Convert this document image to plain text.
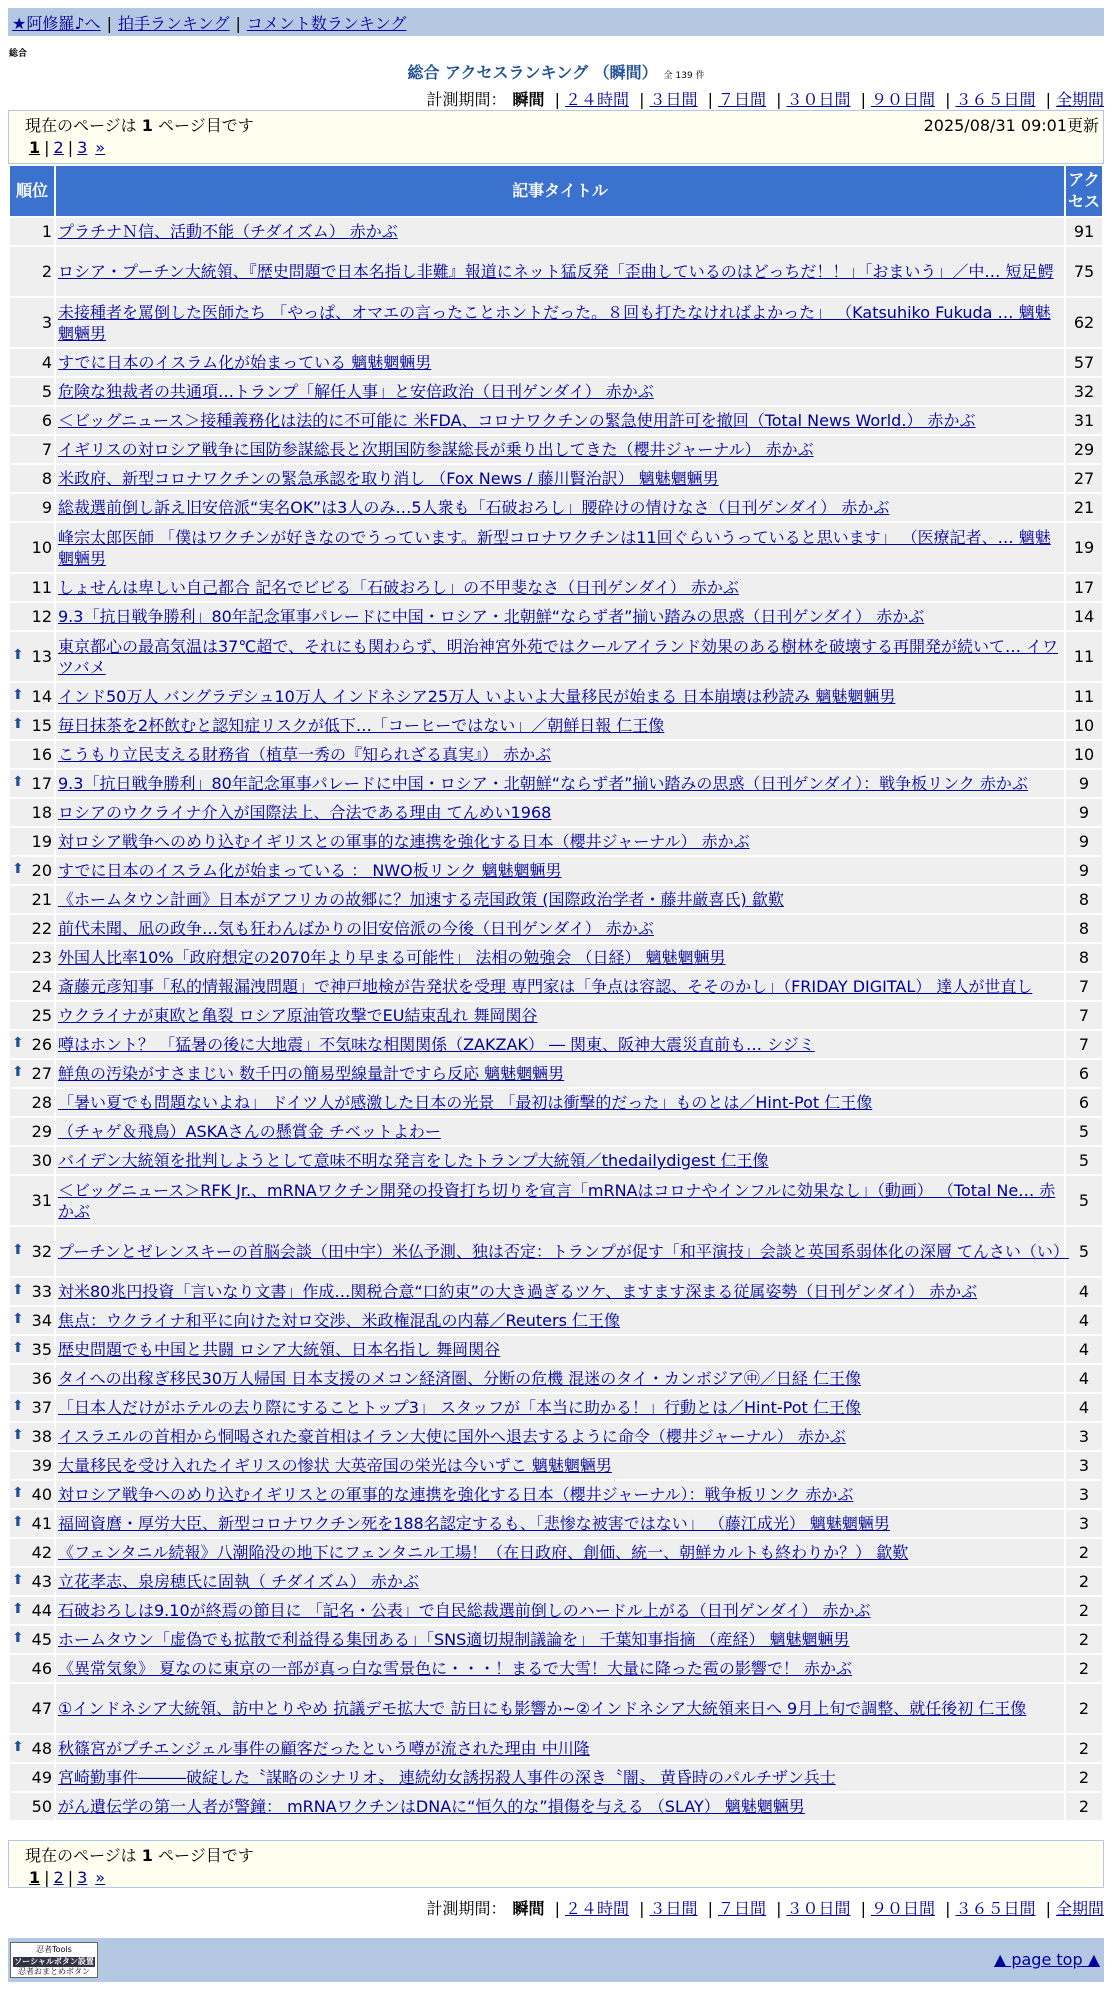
★阿修羅♪へ | 拍手ランキング | コメント数ランキング
総合
総合 アクセスランキング （瞬間） 全 139 件
計測期間： 瞬間 | ２４時間 | ３日間 | ７日間 | ３０日間 | ９０日間 | ３６５日間 | 全期間
現在のページは 1 ページ目です	2025/08/31 09:01更新
1 | 2 | 3 »
順位	記事タイトル	アクセス
1	プラチナＮ信、活動不能（チダイズム） 赤かぶ	91
2	ロシア・プーチン大統領、『歴史問題で日本名指し非難』報道にネット猛反発「歪曲しているのはどっちだ！！」「おまいう」／中… 短足鰐	75
3	未接種者を罵倒した医師たち 「やっぱ、オマエの言ったことホントだった。８回も打たなければよかった」 （Katsuhiko Fukuda … 魑魅魍魎男	62
4	すでに日本のイスラム化が始まっている 魑魅魍魎男	57
5	危険な独裁者の共通項…トランプ「解任人事」と安倍政治（日刊ゲンダイ） 赤かぶ	32
6	＜ビッグニュース＞接種義務化は法的に不可能に 米FDA、コロナワクチンの緊急使用許可を撤回（Total News World.） 赤かぶ	31
7	イギリスの対ロシア戦争に国防参謀総長と次期国防参謀総長が乗り出してきた（櫻井ジャーナル） 赤かぶ	29
8	米政府、新型コロナワクチンの緊急承認を取り消し （Fox News / 藤川賢治訳） 魑魅魍魎男	27
9	総裁選前倒し訴え旧安倍派“実名OK”は3人のみ…5人衆も「石破おろし」腰砕けの情けなさ（日刊ゲンダイ） 赤かぶ	21
10	峰宗太郎医師 「僕はワクチンが好きなのでうっています。新型コロナワクチンは11回ぐらいうっていると思います」 （医療記者、… 魑魅魍魎男	19
11	しょせんは卑しい自己都合 記名でビビる「石破おろし」の不甲斐なさ（日刊ゲンダイ） 赤かぶ	17
12	9.3「抗日戦争勝利」80年記念軍事パレードに中国・ロシア・北朝鮮“ならず者”揃い踏みの思惑（日刊ゲンダイ） 赤かぶ	14

⬆ 13	東京都心の最高気温は37℃超で、それにも関わらず、明治神宮外苑ではクールアイランド効果のある樹林を破壊する再開発が続いて… イワツバメ	11

⬆ 14	インド50万人 バングラデシュ10万人 インドネシア25万人 いよいよ大量移民が始まる 日本崩壊は秒読み 魑魅魍魎男	11

⬆ 15	毎日抹茶を2杯飲むと認知症リスクが低下…「コーヒーではない」／朝鮮日報 仁王像	10
16	こうもり立民支える財務省（植草一秀の『知られざる真実』） 赤かぶ	10

⬆ 17	9.3「抗日戦争勝利」80年記念軍事パレードに中国・ロシア・北朝鮮“ならず者”揃い踏みの思惑（日刊ゲンダイ）：戦争板リンク 赤かぶ	9
18	ロシアのウクライナ介入が国際法上、合法である理由 てんめい1968	9
19	対ロシア戦争へのめり込むイギリスとの軍事的な連携を強化する日本（櫻井ジャーナル） 赤かぶ	9

⬆ 20	すでに日本のイスラム化が始まっている ： NWO板リンク 魑魅魍魎男	9
21	《ホームタウン計画》日本がアフリカの故郷に？加速する売国政策 (国際政治学者・藤井厳喜氏) 歙歎	8
22	前代未聞、凪の政争…気も狂わんばかりの旧安倍派の今後（日刊ゲンダイ） 赤かぶ	8
23	外国人比率10%「政府想定の2070年より早まる可能性」 法相の勉強会 （日経） 魑魅魍魎男	8
24	斎藤元彦知事「私的情報漏洩問題」で神戸地検が告発状を受理 専門家は「争点は容認、そそのかし」（FRIDAY DIGITAL） 達人が世直し	7
25	ウクライナが東欧と亀裂 ロシア原油管攻撃でEU結束乱れ 舞岡関谷	7

⬆ 26	噂はホント？ 「猛暑の後に大地震」不気味な相関関係（ZAKZAK） ― 関東、阪神大震災直前も… シジミ	7

⬆ 27	鮮魚の汚染がすさまじい 数千円の簡易型線量計ですら反応 魑魅魍魎男	6
28	「暑い夏でも問題ないよね」 ドイツ人が感激した日本の光景 「最初は衝撃的だった」ものとは／Hint-Pot 仁王像	6
29	（チャゲ＆飛鳥）ASKAさんの懸賞金 チベットよわー	5
30	バイデン大統領を批判しようとして意味不明な発言をしたトランプ大統領／thedailydigest 仁王像	5
31	＜ビッグニュース＞RFK Jr.、mRNAワクチン開発の投資打ち切りを宣言「mRNAはコロナやインフルに効果なし」（動画） （Total Ne… 赤かぶ	5

⬆ 32	プーチンとゼレンスキーの首脳会談（田中宇）米仏予測、独は否定：トランプが促す「和平演技」会談と英国系弱体化の深層 てんさい（い）	5

⬆ 33	対米80兆円投資「言いなり文書」作成…関税合意“口約束”の大き過ぎるツケ、ますます深まる従属姿勢（日刊ゲンダイ） 赤かぶ	4

⬆ 34	焦点：ウクライナ和平に向けた対ロ交渉、米政権混乱の内幕／Reuters 仁王像	4

⬆ 35	歴史問題でも中国と共闘 ロシア大統領、日本名指し 舞岡関谷	4
36	タイへの出稼ぎ移民30万人帰国 日本支援のメコン経済圏、分断の危機 混迷のタイ・カンボジア㊥／日経 仁王像	4

⬆ 37	「日本人だけがホテルの去り際にすることトップ3」 スタッフが「本当に助かる！」行動とは／Hint-Pot 仁王像	4

⬆ 38	イスラエルの首相から恫喝された豪首相はイラン大使に国外へ退去するように命令（櫻井ジャーナル） 赤かぶ	3
39	大量移民を受け入れたイギリスの惨状 大英帝国の栄光は今いずこ 魑魅魍魎男	3

⬆ 40	対ロシア戦争へのめり込むイギリスとの軍事的な連携を強化する日本（櫻井ジャーナル）：戦争板リンク 赤かぶ	3

⬆ 41	福岡資麿・厚労大臣、新型コロナワクチン死を188名認定するも、「悲惨な被害ではない」 （藤江成光） 魑魅魍魎男	3
42	《フェンタニル続報》八潮陥没の地下にフェンタニル工場！（在日政府、創価、統一、朝鮮カルトも終わりか？） 歙歎	2

⬆ 43	立花孝志、泉房穂氏に固執（ チダイズム） 赤かぶ	2

⬆ 44	石破おろしは9.10が終焉の節目に 「記名・公表」で自民総裁選前倒しのハードル上がる（日刊ゲンダイ） 赤かぶ	2

⬆ 45	ホームタウン「虚偽でも拡散で利益得る集団ある」「SNS適切規制議論を」 千葉知事指摘 （産経） 魑魅魍魎男	2
46	《異常気象》 夏なのに東京の一部が真っ白な雪景色に・・・！まるで大雪！大量に降った雹の影響で！ 赤かぶ	2
47	①インドネシア大統領、訪中とりやめ 抗議デモ拡大で 訪日にも影響か~②インドネシア大統領来日へ 9月上旬で調整、就任後初 仁王像	2

⬆ 48	秋篠宮がプチエンジェル事件の顧客だったという噂が流された理由 中川隆	2
49	宮崎勤事件―――破綻した〝謀略のシナリオ〟 連続幼女誘拐殺人事件の深き〝闇〟 黄昏時のパルチザン兵士	2
50	がん遺伝学の第一人者が警鐘： mRNAワクチンはDNAに“恒久的な”損傷を与える （SLAY） 魑魅魍魎男	2
現在のページは 1 ページ目です
1 | 2 | 3 »
計測期間： 瞬間 | ２４時間 | ３日間 | ７日間 | ３０日間 | ９０日間 | ３６５日間 | 全期間
忍者Tools
ソーシャルボタン設置
忍者おまとめボタン
▲ page top ▲
